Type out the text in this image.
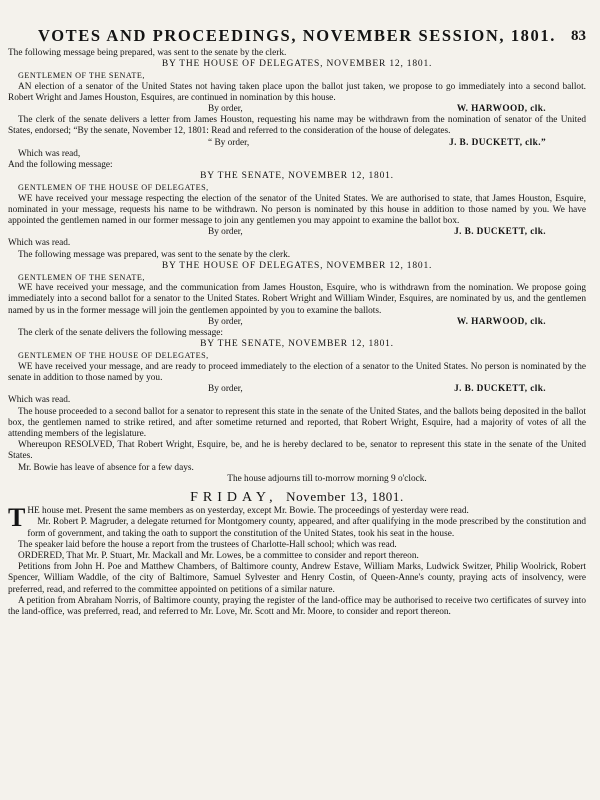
VOTES AND PROCEEDINGS, NOVEMBER SESSION, 1801. 83

The following message being prepared, was sent to the senate by the clerk.

BY THE HOUSE OF DELEGATES, NOVEMBER 12, 1801.

GENTLEMEN OF THE SENATE,

AN election of a senator of the United States not having taken place upon the ballot just taken, we propose to go immediately into a second ballot. Robert Wright and James Houston, Esquires, are continued in nomination by this house.

By order,	W. HARWOOD, clk.

The clerk of the senate delivers a letter from James Houston, requesting his name may be withdrawn from the nomination of senator of the United States, endorsed; “By the senate, November 12, 1801: Read and referred to the consideration of the house of delegates.

“ By order,	J. B. DUCKETT, clk.”

Which was read,

And the following message:

BY THE SENATE, NOVEMBER 12, 1801.

GENTLEMEN OF THE HOUSE OF DELEGATES,

WE have received your message respecting the election of the senator of the United States. We are authorised to state, that James Houston, Esquire, nominated in your message, requests his name to be withdrawn. No person is nominated by this house in addition to those named by you. We have appointed the gentlemen named in our former message to join any gentlemen you may appoint to examine the ballot box.

By order,	J. B. DUCKETT, clk.

Which was read.

The following message was prepared, was sent to the senate by the clerk.

BY THE HOUSE OF DELEGATES, NOVEMBER 12, 1801.

GENTLEMEN OF THE SENATE,

WE have received your message, and the communication from James Houston, Esquire, who is withdrawn from the nomination. We propose going immediately into a second ballot for a senator to the United States. Robert Wright and William Winder, Esquires, are nominated by us, and the gentlemen named by us in the former message will join the gentlemen appointed by you to examine the ballots.

By order,	W. HARWOOD, clk.

The clerk of the senate delivers the following message:

BY THE SENATE, NOVEMBER 12, 1801.

GENTLEMEN OF THE HOUSE OF DELEGATES,

WE have received your message, and are ready to proceed immediately to the election of a senator to the United States. No person is nominated by the senate in addition to those named by you.

By order,	J. B. DUCKETT, clk.

Which was read.

The house proceeded to a second ballot for a senator to represent this state in the senate of the United States, and the ballots being deposited in the ballot box, the gentlemen named to strike retired, and after sometime returned and reported, that Robert Wright, Esquire, had a majority of votes of all the attending members of the legislature.

Whereupon RESOLVED, That Robert Wright, Esquire, be, and he is hereby declared to be, senator to represent this state in the senate of the United States.

Mr. Bowie has leave of absence for a few days.

The house adjourns till to-morrow morning 9 o'clock.

FRIDAY, November 13, 1801.

THE house met. Present the same members as on yesterday, except Mr. Bowie. The proceedings of yesterday were read.

Mr. Robert P. Magruder, a delegate returned for Montgomery county, appeared, and after qualifying in the mode prescribed by the constitution and form of government, and taking the oath to support the constitution of the United States, took his seat in the house.

The speaker laid before the house a report from the trustees of Charlotte-Hall school; which was read.

ORDERED, That Mr. P. Stuart, Mr. Mackall and Mr. Lowes, be a committee to consider and report thereon.

Petitions from John H. Poe and Matthew Chambers, of Baltimore county, Andrew Estave, William Marks, Ludwick Switzer, Philip Woolrick, Robert Spencer, William Waddle, of the city of Baltimore, Samuel Sylvester and Henry Costin, of Queen-Anne's county, praying acts of insolvency, were preferred, read, and referred to the committee appointed on petitions of a similar nature.

A petition from Abraham Norris, of Baltimore county, praying the register of the land-office may be authorised to receive two certificates of survey into the land-office, was preferred, read, and referred to Mr. Love, Mr. Scott and Mr. Moore, to consider and report thereon.
